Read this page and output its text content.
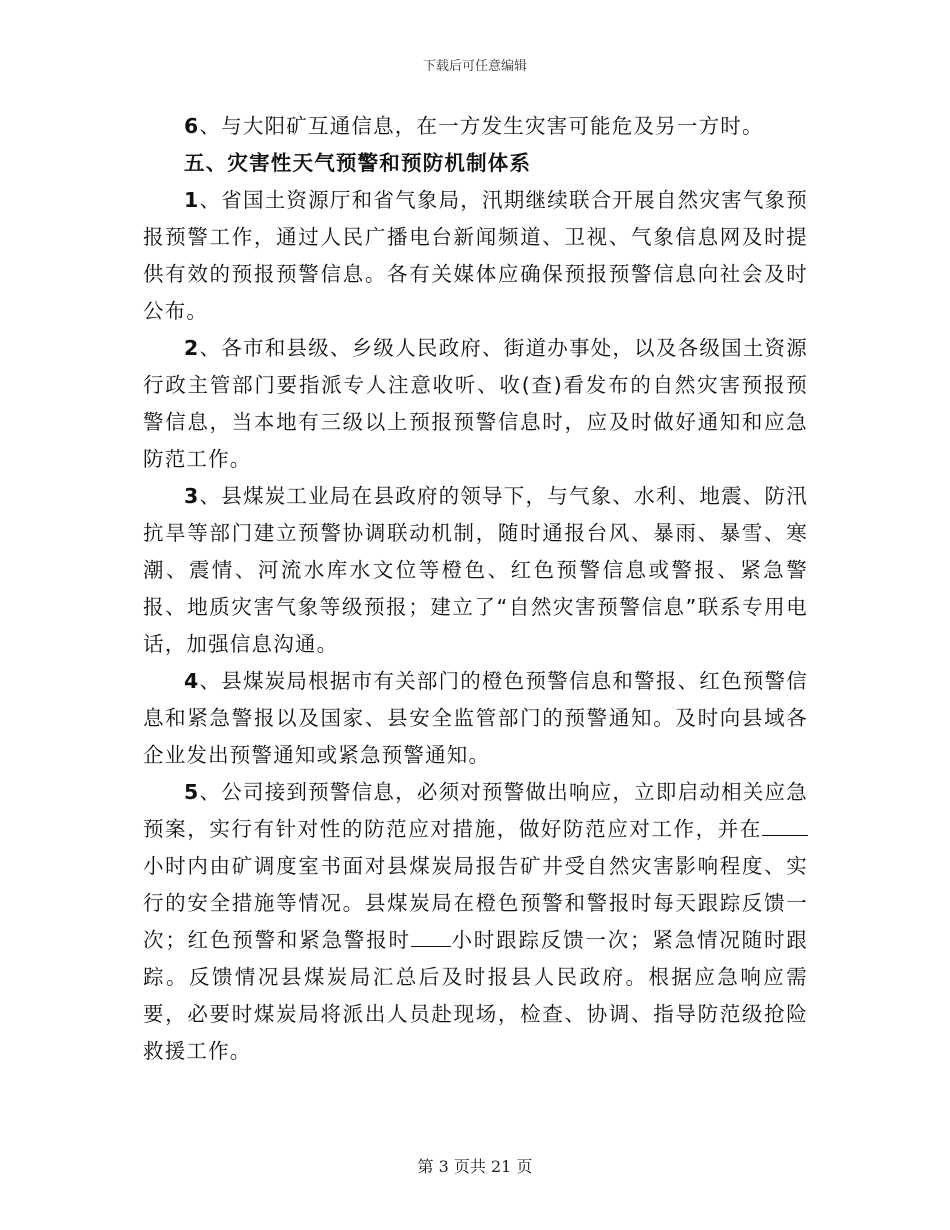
下载后可任意编辑

6、与大阳矿互通信息，在一方发生灾害可能危及另一方时。

五、灾害性天气预警和预防机制体系

1、省国土资源厅和省气象局，汛期继续联合开展自然灾害气象预报预警工作，通过人民广播电台新闻频道、卫视、气象信息网及时提供有效的预报预警信息。各有关媒体应确保预报预警信息向社会及时公布。

2、各市和县级、乡级人民政府、街道办事处，以及各级国土资源行政主管部门要指派专人注意收听、收(查)看发布的自然灾害预报预警信息，当本地有三级以上预报预警信息时，应及时做好通知和应急防范工作。

3、县煤炭工业局在县政府的领导下，与气象、水利、地震、防汛抗旱等部门建立预警协调联动机制，随时通报台风、暴雨、暴雪、寒潮、震情、河流水库水文位等橙色、红色预警信息或警报、紧急警报、地质灾害气象等级预报；建立了“自然灾害预警信息”联系专用电话，加强信息沟通。

4、县煤炭局根据市有关部门的橙色预警信息和警报、红色预警信息和紧急警报以及国家、县安全监管部门的预警通知。及时向县域各企业发出预警通知或紧急预警通知。

5、公司接到预警信息，必须对预警做出响应，立即启动相关应急预案，实行有针对性的防范应对措施，做好防范应对工作，并在小时内由矿调度室书面对县煤炭局报告矿井受自然灾害影响程度、实行的安全措施等情况。县煤炭局在橙色预警和警报时每天跟踪反馈一次；红色预警和紧急警报时 小时跟踪反馈一次；紧急情况随时跟踪。反馈情况县煤炭局汇总后及时报县人民政府。根据应急响应需要，必要时煤炭局将派出人员赴现场，检查、协调、指导防范级抢险救援工作。

第 3 页共 21 页
